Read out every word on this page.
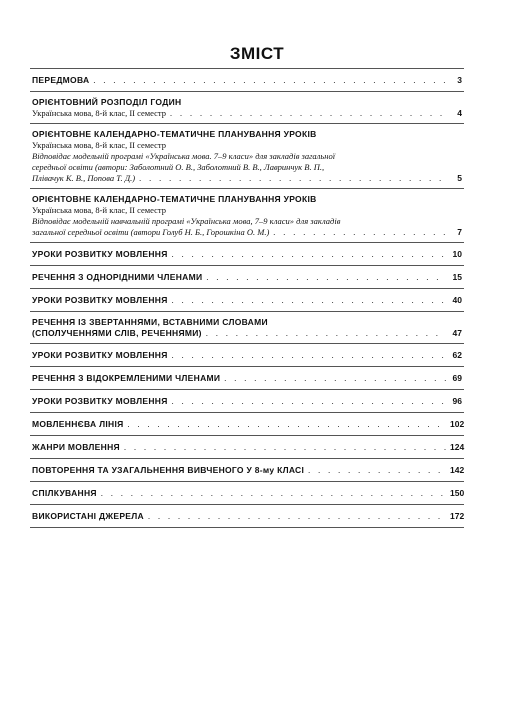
ЗМІСТ
ПЕРЕДМОВА . . .	3
ОРІЄНТОВНИЙ РОЗПОДІЛ ГОДИН
Українська мова, 8-й клас, ІІ семестр . . .	4
ОРІЄНТОВНЕ КАЛЕНДАРНО-ТЕМАТИЧНЕ ПЛАНУВАННЯ УРОКІВ
Українська мова, 8-й клас, ІІ семестр
Відповідає модельній програмі «Українська мова. 7–9 класи» для закладів загальної
середньої освіти (автори: Заболотний О. В., Заболотний В. В., Лавринчук В. П.,
Плівачук К. В., Попова Т. Д.) . . .	5
ОРІЄНТОВНЕ КАЛЕНДАРНО-ТЕМАТИЧНЕ ПЛАНУВАННЯ УРОКІВ
Українська мова, 8-й клас, ІІ семестр
Відповідає модельній навчальній програмі «Українська мова, 7–9 класи» для закладів
загальної середньої освіти (автори Голуб Н. Б., Горошкіна О. М.) . . .	7
УРОКИ РОЗВИТКУ МОВЛЕННЯ . . .	10
РЕЧЕННЯ З ОДНОРІДНИМИ ЧЛЕНАМИ . . .	15
УРОКИ РОЗВИТКУ МОВЛЕННЯ . . .	40
РЕЧЕННЯ ІЗ ЗВЕРТАННЯМИ, ВСТАВНИМИ СЛОВАМИ
(СПОЛУЧЕННЯМИ СЛІВ, РЕЧЕННЯМИ) . . .	47
УРОКИ РОЗВИТКУ МОВЛЕННЯ . . .	62
РЕЧЕННЯ З ВІДОКРЕМЛЕНИМИ ЧЛЕНАМИ . . .	69
УРОКИ РОЗВИТКУ МОВЛЕННЯ . . .	96
МОВЛЕННЄВА ЛІНІЯ . . .	102
ЖАНРИ МОВЛЕННЯ . . .	124
ПОВТОРЕННЯ ТА УЗАГАЛЬНЕННЯ ВИВЧЕНОГО У 8-му КЛАСІ . . .	142
СПІЛКУВАННЯ . . .	150
ВИКОРИСТАНІ ДЖЕРЕЛА . . .	172
